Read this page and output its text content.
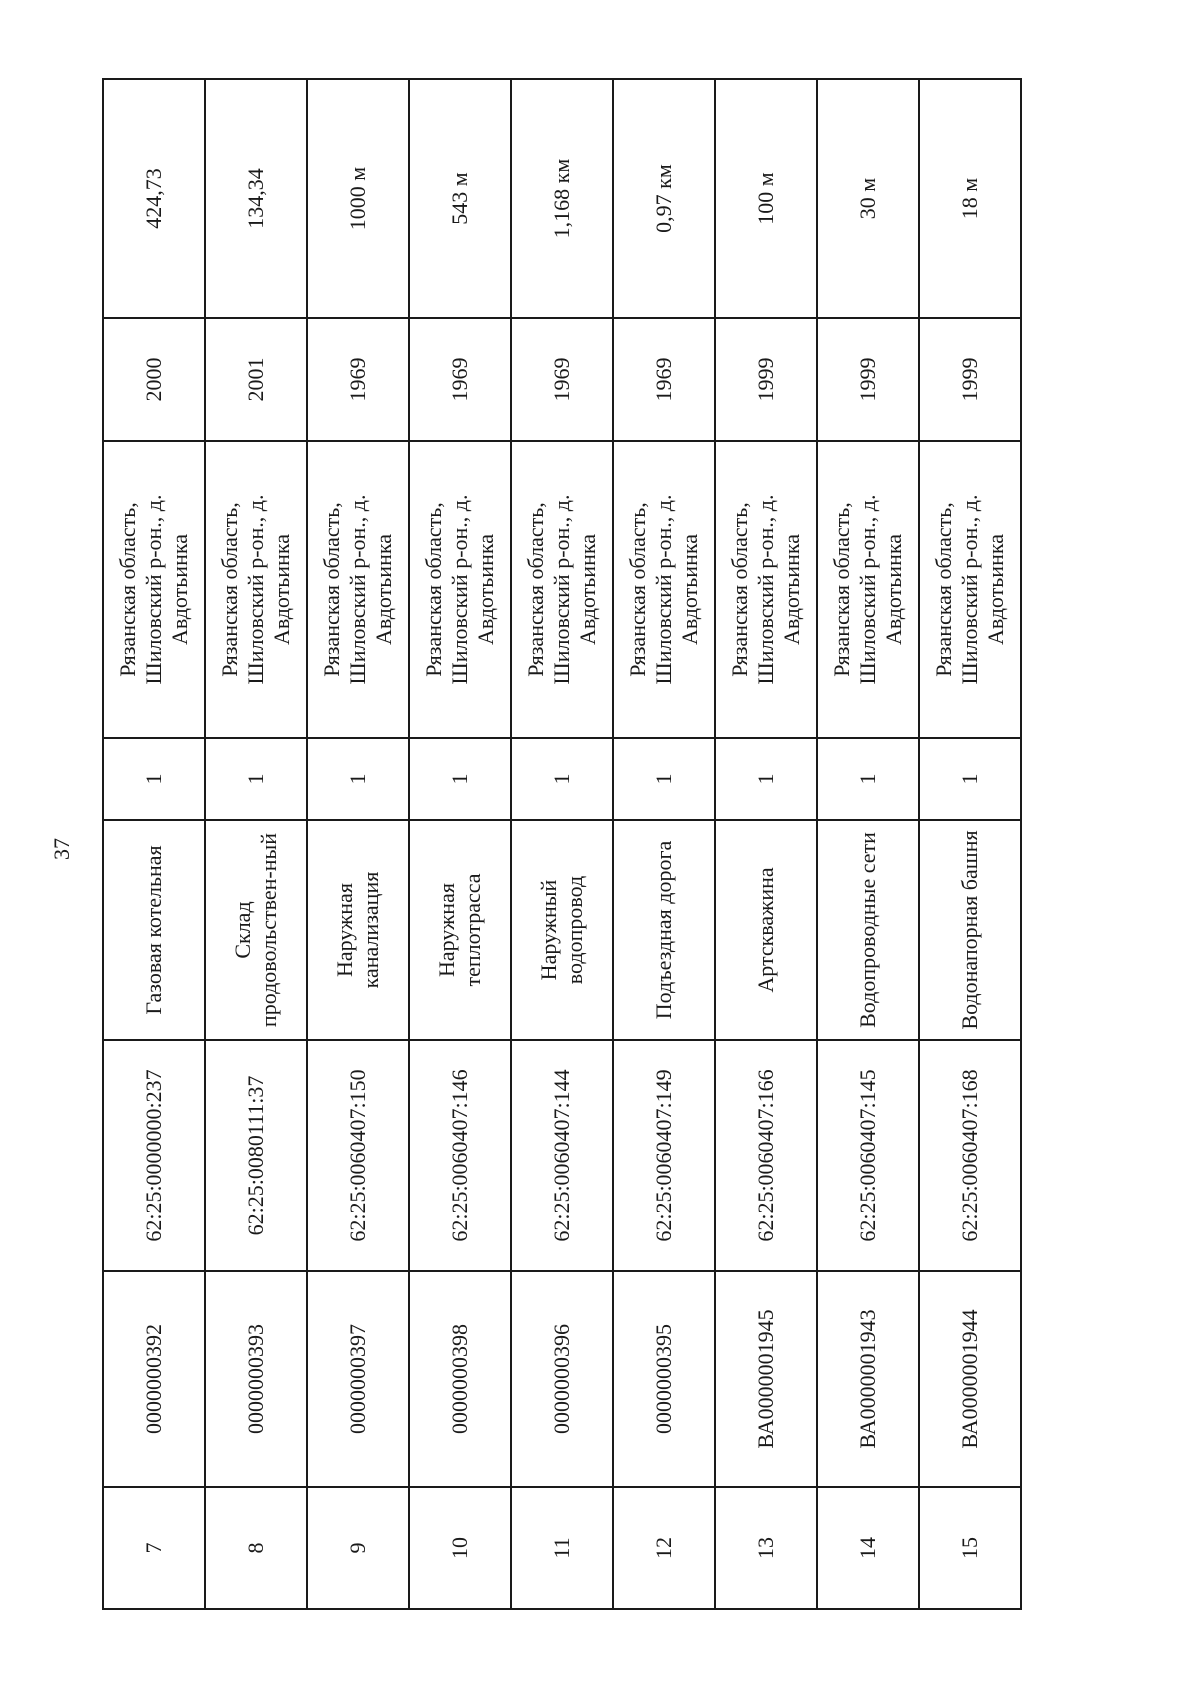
37
7	0000000392	62:25:0000000:237	Газовая котельная	1	Рязанская область, Шиловский р-он., д. Авдотьинка	2000	424,73
8	0000000393	62:25:0080111:37	Склад продовольствен-ный	1	Рязанская область, Шиловский р-он., д. Авдотьинка	2001	134,34
9	0000000397	62:25:0060407:150	Наружная канализация	1	Рязанская область, Шиловский р-он., д. Авдотьинка	1969	1000 м
10	0000000398	62:25:0060407:146	Наружная теплотрасса	1	Рязанская область, Шиловский р-он., д. Авдотьинка	1969	543 м
11	0000000396	62:25:0060407:144	Наружный водопровод	1	Рязанская область, Шиловский р-он., д. Авдотьинка	1969	1,168 км
12	0000000395	62:25:0060407:149	Подъездная дорога	1	Рязанская область, Шиловский р-он., д. Авдотьинка	1969	0,97 км
13	ВА0000001945	62:25:0060407:166	Артскважина	1	Рязанская область, Шиловский р-он., д. Авдотьинка	1999	100 м
14	ВА0000001943	62:25:0060407:145	Водопроводные сети	1	Рязанская область, Шиловский р-он., д. Авдотьинка	1999	30 м
15	ВА0000001944	62:25:0060407:168	Водонапорная башня	1	Рязанская область, Шиловский р-он., д. Авдотьинка	1999	18 м
